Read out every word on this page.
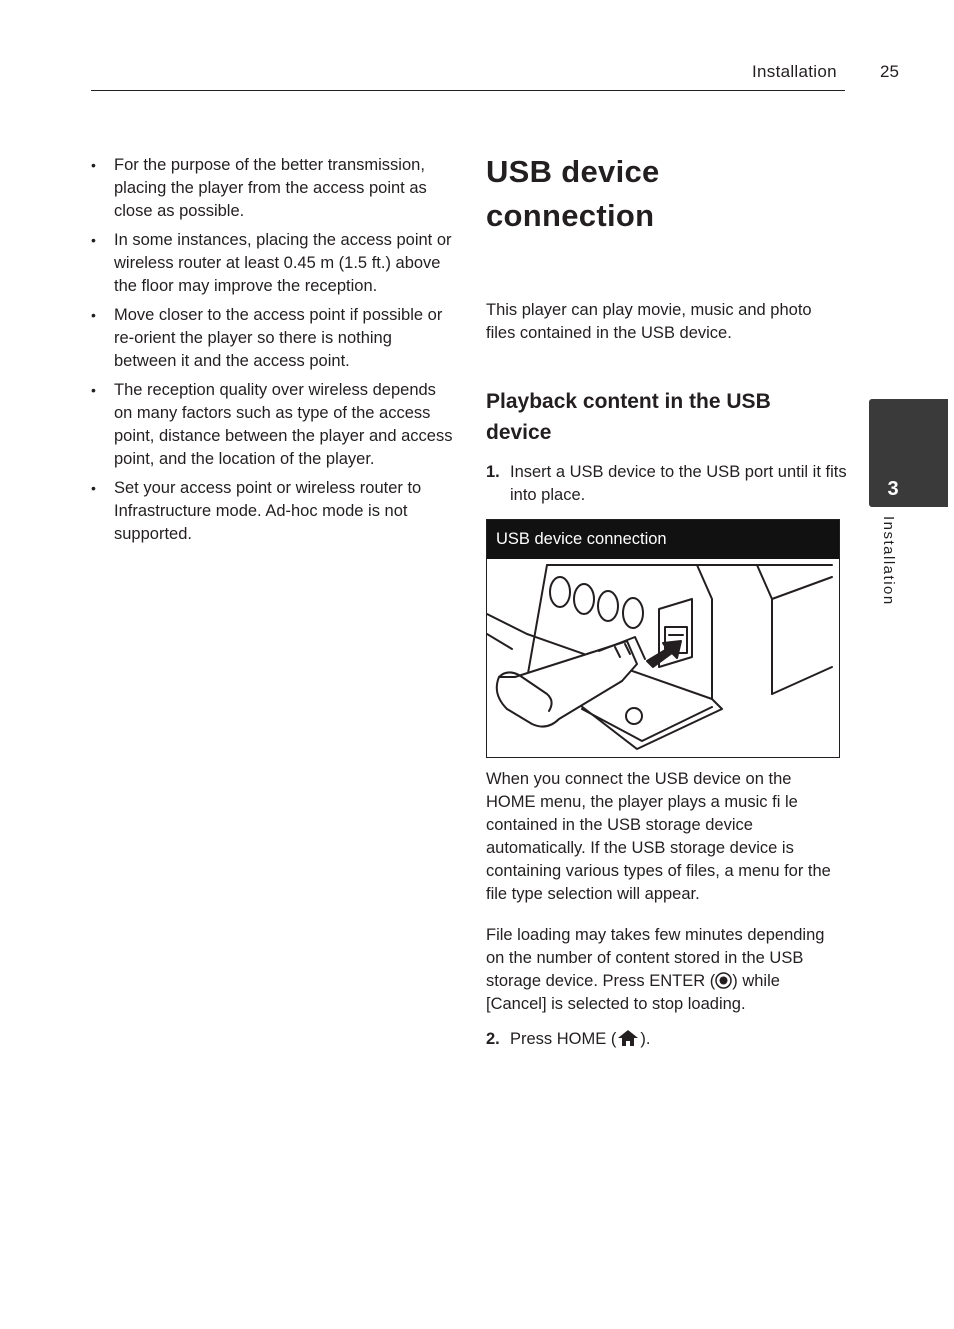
Installation	25
• For the purpose of the better transmission, placing the player from the access point as close as possible.
• In some instances, placing the access point or wireless router at least 0.45 m (1.5 ft.) above the floor may improve the reception.
• Move closer to the access point if possible or re-orient the player so there is nothing between it and the access point.
• The reception quality over wireless depends on many factors such as type of the access point, distance between the player and access point, and the location of the player.
• Set your access point or wireless router to Infrastructure mode. Ad-hoc mode is not supported.
USB device connection

This player can play movie, music and photo files contained in the USB device.

Playback content in the USB device
1. Insert a USB device to the USB port until it fits into place.
USB device connection

When you connect the USB device on the HOME menu, the player plays a music fi le contained in the USB storage device automatically. If the USB storage device is containing various types of files, a menu for the file type selection will appear.

File loading may takes few minutes depending on the number of content stored in the USB storage device. Press ENTER ( ) while [Cancel] is selected to stop loading.

2. Press HOME ( ).
3
Installation
